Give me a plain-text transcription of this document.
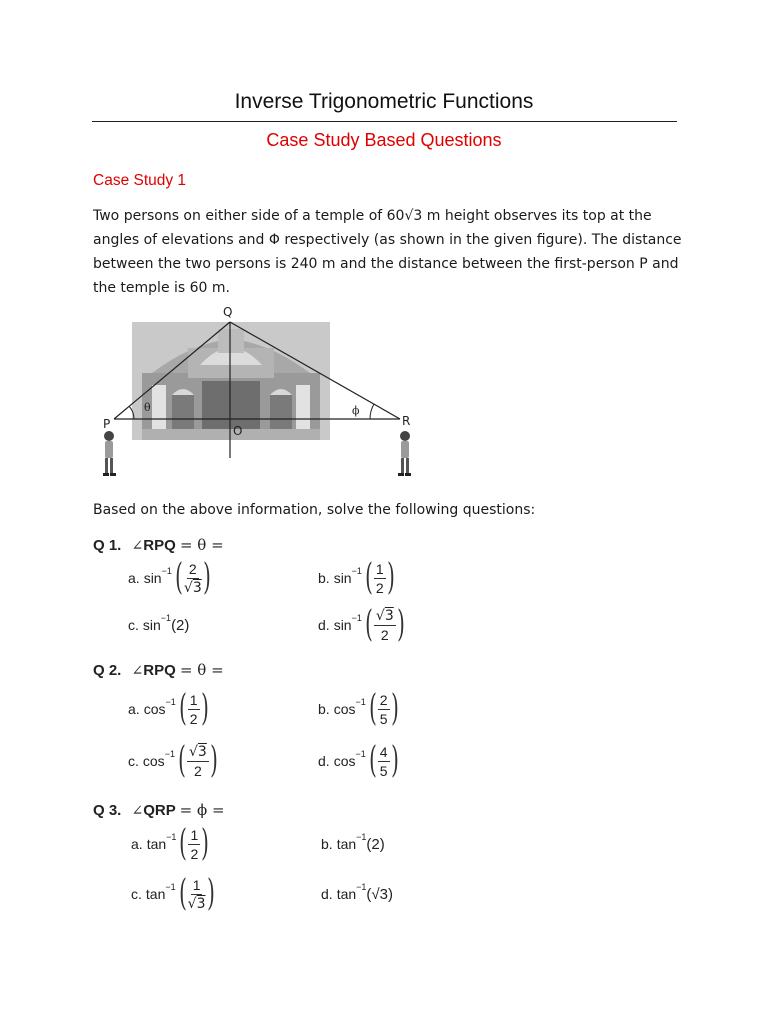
Inverse Trigonometric Functions
Case Study Based Questions
Case Study 1
Two persons on either side of a temple of 60√3 m height observes its top at the angles of elevations and Φ respectively (as shown in the given figure). The distance between the two persons is 240 m and the distance between the first-person P and the temple is 60 m.
Q
P	R
O
θ	ϕ
Based on the above information, solve the following questions:
Q 1. ∠RPQ = θ =
a. $\sin^{-1}$ ( $\frac{2}{√3}$ )	b. $\sin^{-1}$ ( $\frac{1}{2}$ )
c. $\sin^{-1} (2)$	d. $\sin^{-1}$ ( $\frac{√3}{2}$ )
Q 2. ∠RPQ = θ =
a. $\cos^{-1}$ ( $\frac{1}{2}$ )	b. $\cos^{-1}$ ( $\frac{2}{5}$ )
c. $\cos^{-1}$ ( $\frac{√3}{2}$ )	d. $\cos^{-1}$ ( $\frac{4}{5}$ )
Q 3. ∠QRP = ϕ =
a. $\tan^{-1}$ ( $\frac{1}{2}$ )	b. $\tan^{-1} (2)$
c. $\tan^{-1}$ ( $\frac{1}{√3}$ )	d. $\tan^{-1} (√3)$
